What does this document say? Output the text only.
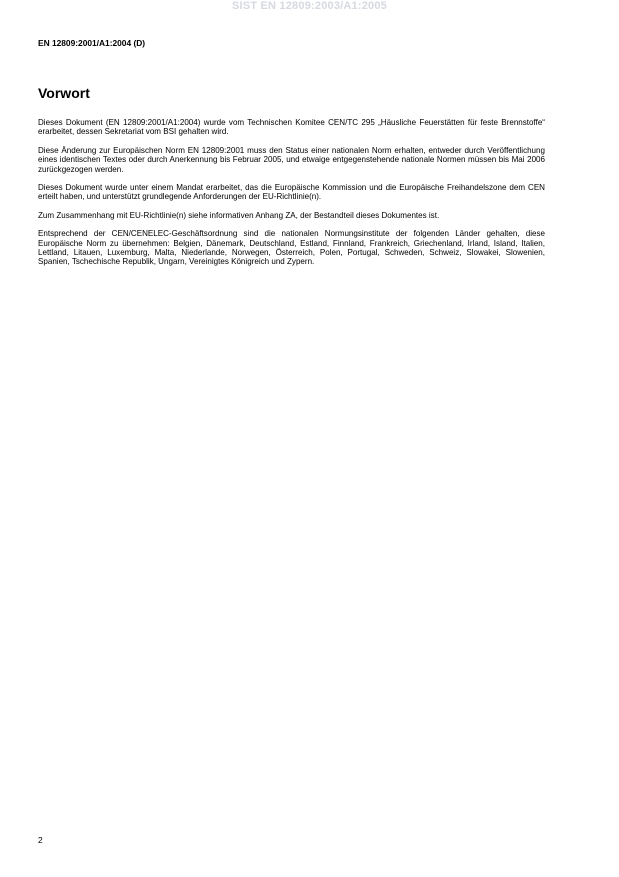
SIST EN 12809:2003/A1:2005
EN 12809:2001/A1:2004 (D)
Vorwort

Dieses Dokument (EN 12809:2001/A1:2004) wurde vom Technischen Komitee CEN/TC 295 „Häusliche Feuerstätten für feste Brennstoffe“ erarbeitet, dessen Sekretariat vom BSI gehalten wird.

Diese Änderung zur Europäischen Norm EN 12809:2001 muss den Status einer nationalen Norm erhalten, entweder durch Veröffentlichung eines identischen Textes oder durch Anerkennung bis Februar 2005, und etwaige entgegenstehende nationale Normen müssen bis Mai 2006 zurückgezogen werden.

Dieses Dokument wurde unter einem Mandat erarbeitet, das die Europäische Kommission und die Europäische Freihandelszone dem CEN erteilt haben, und unterstützt grundlegende Anforderungen der EU-Richtlinie(n).

Zum Zusammenhang mit EU-Richtlinie(n) siehe informativen Anhang ZA, der Bestandteil dieses Dokumentes ist.

Entsprechend der CEN/CENELEC-Geschäftsordnung sind die nationalen Normungsinstitute der folgenden Länder gehalten, diese Europäische Norm zu übernehmen: Belgien, Dänemark, Deutschland, Estland, Finnland, Frankreich, Griechenland, Irland, Island, Italien, Lettland, Litauen, Luxemburg, Malta, Niederlande, Norwegen, Österreich, Polen, Portugal, Schweden, Schweiz, Slowakei, Slowenien, Spanien, Tschechische Republik, Ungarn, Vereinigtes Königreich und Zypern.

2
